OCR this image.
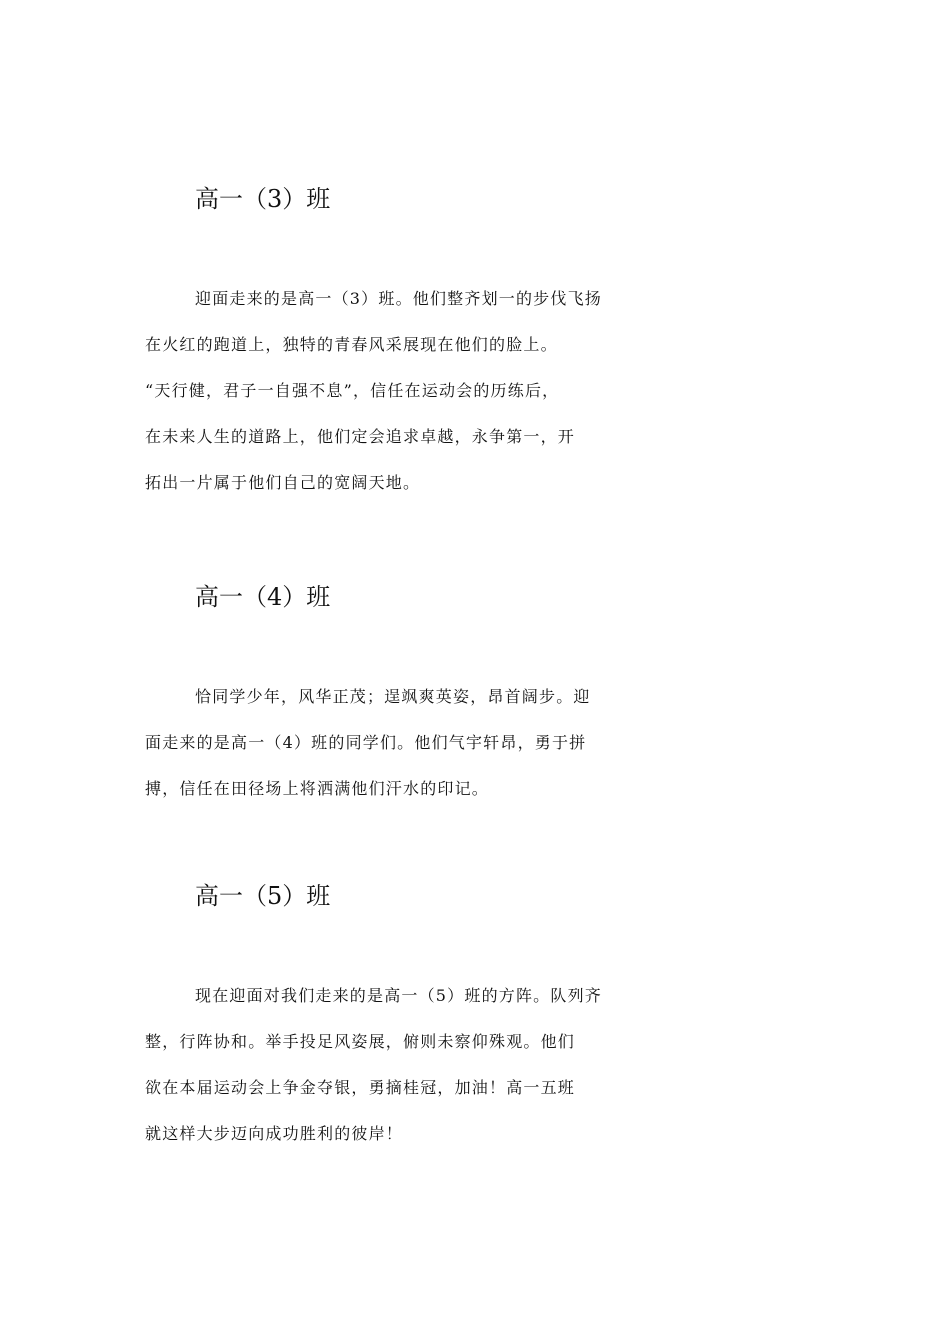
高一（3）班
迎面走来的是高一（3）班。他们整齐划一的步伐飞扬
在火红的跑道上，独特的青春风采展现在他们的脸上。
“天行健，君子一自强不息”，信任在运动会的历练后，
在未来人生的道路上，他们定会追求卓越，永争第一，开
拓出一片属于他们自己的宽阔天地。
高一（4）班
恰同学少年，风华正茂；逞飒爽英姿，昂首阔步。迎
面走来的是高一（4）班的同学们。他们气宇轩昂，勇于拼
搏，信任在田径场上将洒满他们汗水的印记。
高一（5）班
现在迎面对我们走来的是高一（5）班的方阵。队列齐
整，行阵协和。举手投足风姿展，俯则未察仰殊观。他们
欲在本届运动会上争金夺银，勇摘桂冠，加油！高一五班
就这样大步迈向成功胜利的彼岸！
